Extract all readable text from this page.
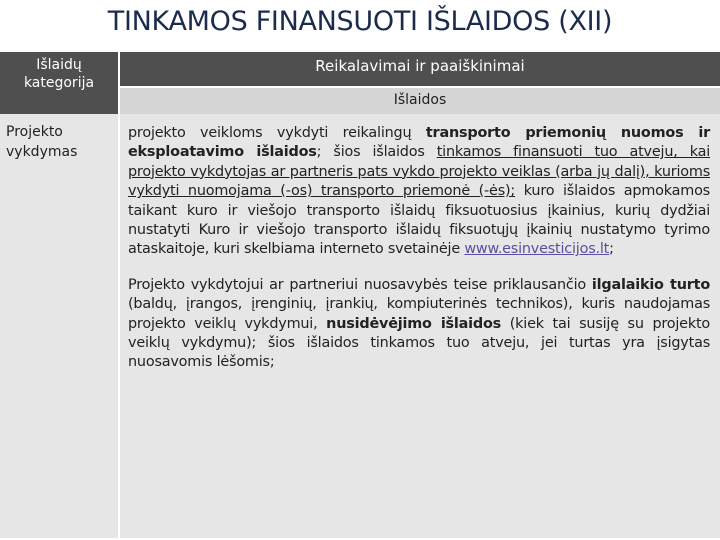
TINKAMOS FINANSUOTI IŠLAIDOS (XII)
Išlaidų kategorija	Reikalavimai ir paaiškinimai
	Išlaidos
Projekto vykdymas	projekto veikloms vykdyti reikalingų transporto priemonių nuomos ir eksploatavimo išlaidos; šios išlaidos tinkamos finansuoti tuo atveju, kai projekto vykdytojas ar partneris pats vykdo projekto veiklas (arba jų dalį), kurioms vykdyti nuomojama (-os) transporto priemonė (-ės); kuro išlaidos apmokamos taikant kuro ir viešojo transporto išlaidų fiksuotuosius įkainius, kurių dydžiai nustatyti Kuro ir viešojo transporto išlaidų fiksuotųjų įkainių nustatymo tyrimo ataskaitoje, kuri skelbiama interneto svetainėje www.esinvesticijos.lt;

Projekto vykdytojui ar partneriui nuosavybės teise priklausančio ilgalaikio turto (baldų, įrangos, įrenginių, įrankių, kompiuterinės technikos), kuris naudojamas projekto veiklų vykdymui, nusidėvėjimo išlaidos (kiek tai susiję su projekto veiklų vykdymu); šios išlaidos tinkamos tuo atveju, jei turtas yra įsigytas nuosavomis lėšomis;
